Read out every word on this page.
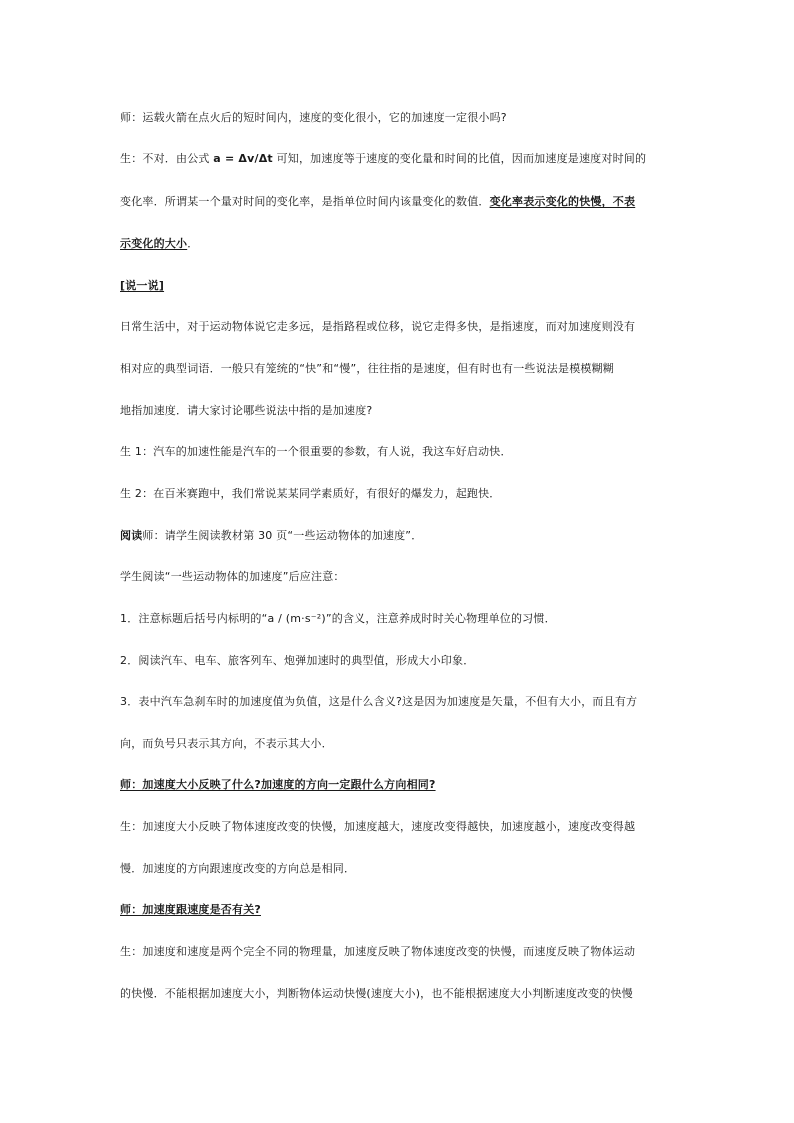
师：运载火箭在点火后的短时间内，速度的变化很小，它的加速度一定很小吗?
生：不对．由公式 a = Δv/Δt 可知，加速度等于速度的变化量和时间的比值，因而加速度是速度对时间的
变化率．所谓某一个量对时间的变化率，是指单位时间内该量变化的数值．变化率表示变化的快慢，不表
示变化的大小．
[说一说]
日常生活中，对于运动物体说它走多远，是指路程或位移，说它走得多快，是指速度，而对加速度则没有
相对应的典型词语．一般只有笼统的“快”和“慢”，往往指的是速度，但有时也有一些说法是模模糊糊
地指加速度．请大家讨论哪些说法中指的是加速度?
生 1：汽车的加速性能是汽车的一个很重要的参数，有人说，我这车好启动快．
生 2：在百米赛跑中，我们常说某某同学素质好，有很好的爆发力，起跑快．
阅读师：请学生阅读教材第 30 页“一些运动物体的加速度”．
学生阅读“一些运动物体的加速度”后应注意：
1．注意标题后括号内标明的“a / (m·s⁻²)”的含义，注意养成时时关心物理单位的习惯．
2．阅读汽车、电车、旅客列车、炮弹加速时的典型值，形成大小印象．
3．表中汽车急刹车时的加速度值为负值，这是什么含义?这是因为加速度是矢量，不但有大小，而且有方
向，而负号只表示其方向，不表示其大小．
师：加速度大小反映了什么?加速度的方向一定跟什么方向相同?
生：加速度大小反映了物体速度改变的快慢，加速度越大，速度改变得越快，加速度越小，速度改变得越
慢．加速度的方向跟速度改变的方向总是相同．
师：加速度跟速度是否有关?
生：加速度和速度是两个完全不同的物理量，加速度反映了物体速度改变的快慢，而速度反映了物体运动
的快慢．不能根据加速度大小，判断物体运动快慢(速度大小)，也不能根据速度大小判断速度改变的快慢
